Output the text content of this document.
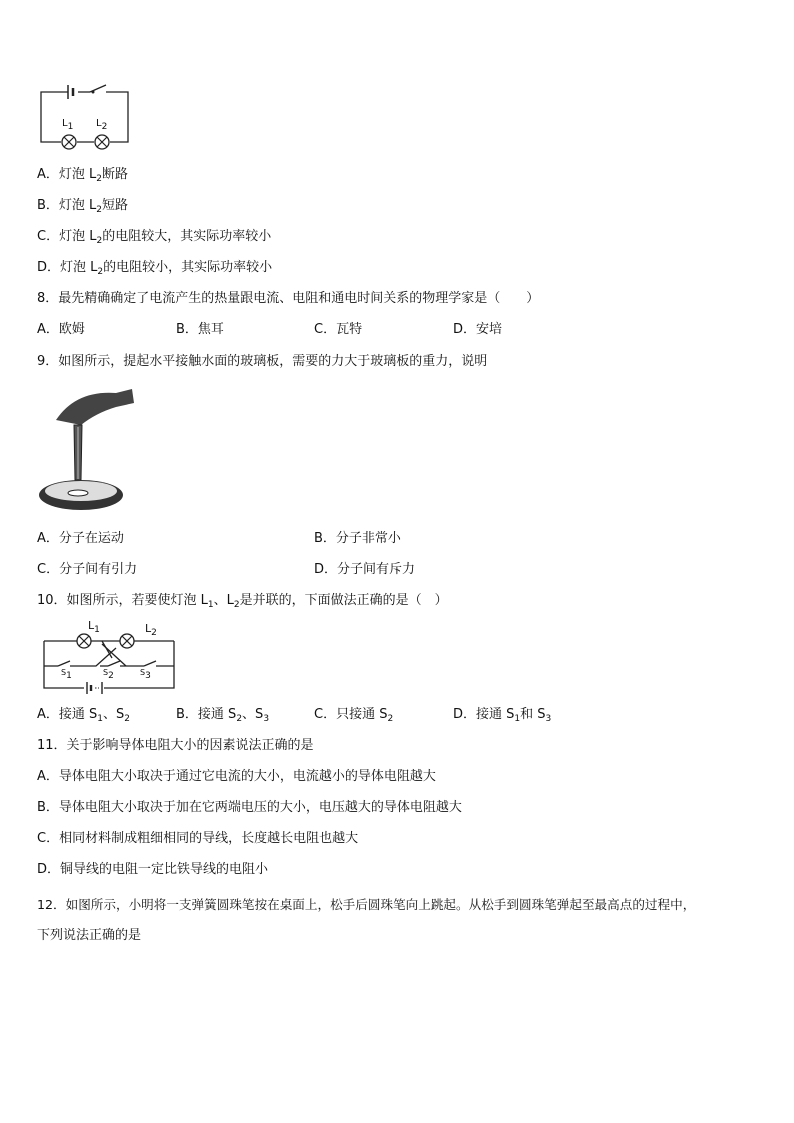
$L_1$ $L_2$
A．灯泡 $L_2$断路
B．灯泡 $L_2$短路
C．灯泡 $L_2$的电阻较大，其实际功率较小
D．灯泡 $L_2$的电阻较小，其实际功率较小
8．最先精确确定了电流产生的热量跟电流、电阻和通电时间关系的物理学家是（　　）
A．欧姆	B．焦耳	C．瓦特	D．安培
9．如图所示，提起水平接触水面的玻璃板，需要的力大于玻璃板的重力，说明
A．分子在运动	B．分子非常小
C．分子间有引力	D．分子间有斥力
10．如图所示，若要使灯泡 $L_1$、$L_2$是并联的，下面做法正确的是（　）
$L_1$	$L_2$
$S_1$	$S_2$	$S_3$
A．接通 $S_1$、$S_2$	B．接通 $S_2$、$S_3$	C．只接通 $S_2$	D．接通 $S_1$和 $S_3$
11．关于影响导体电阻大小的因素说法正确的是
A．导体电阻大小取决于通过它电流的大小，电流越小的导体电阻越大
B．导体电阻大小取决于加在它两端电压的大小，电压越大的导体电阻越大
C．相同材料制成粗细相同的导线，长度越长电阻也越大
D．铜导线的电阻一定比铁导线的电阻小
12．如图所示，小明将一支弹簧圆珠笔按在桌面上，松手后圆珠笔向上跳起。从松手到圆珠笔弹起至最高点的过程中，
下列说法正确的是
